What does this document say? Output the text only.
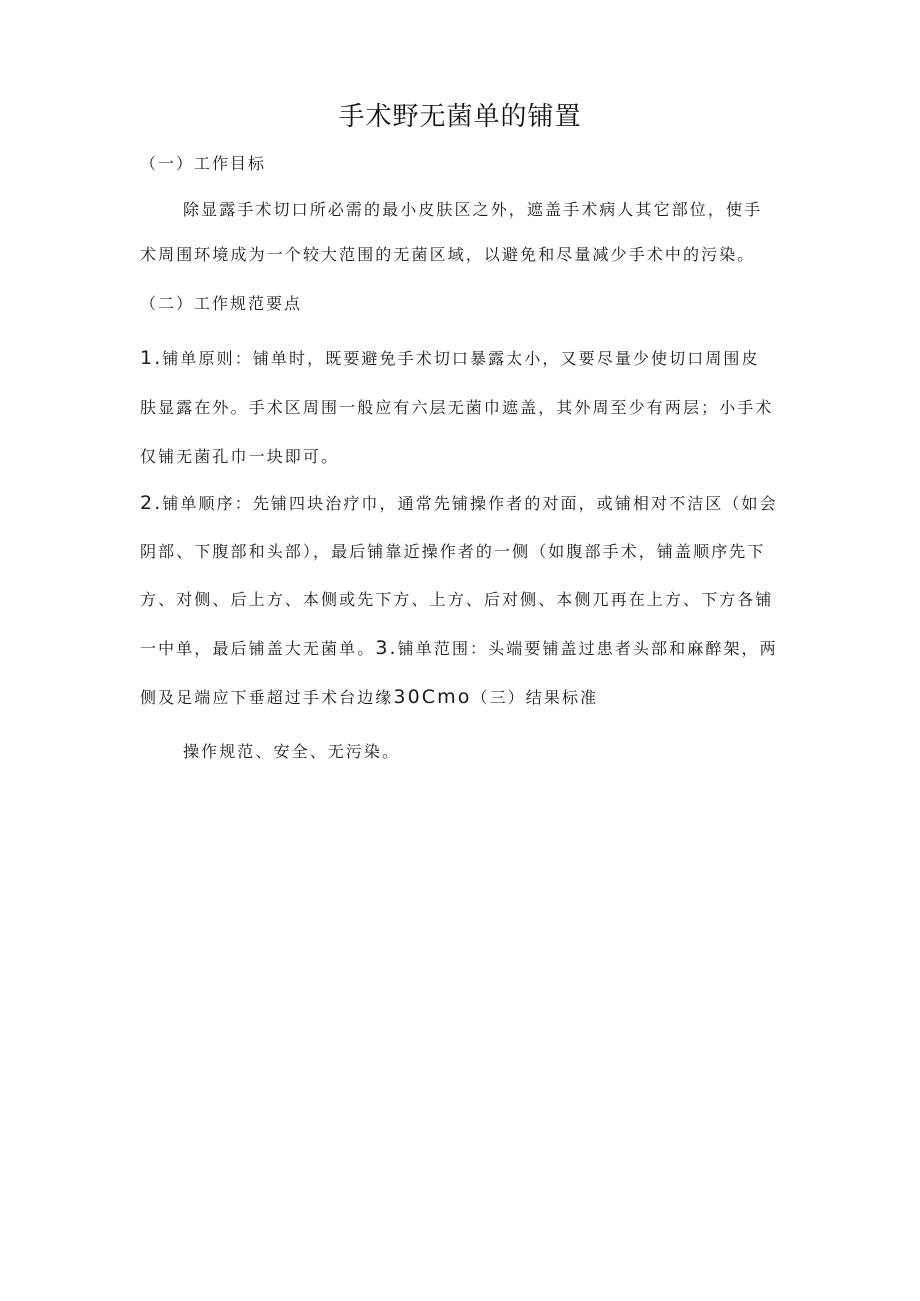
手术野无菌单的铺置
（一）工作目标
除显露手术切口所必需的最小皮肤区之外，遮盖手术病人其它部位，使手
术周围环境成为一个较大范围的无菌区域，以避免和尽量减少手术中的污染。
（二）工作规范要点
1.铺单原则：铺单时，既要避免手术切口暴露太小，又要尽量少使切口周围皮
肤显露在外。手术区周围一般应有六层无菌巾遮盖，其外周至少有两层；小手术
仅铺无菌孔巾一块即可。
2.铺单顺序：先铺四块治疗巾，通常先铺操作者的对面，或铺相对不洁区（如会
阴部、下腹部和头部），最后铺靠近操作者的一侧（如腹部手术，铺盖顺序先下
方、对侧、后上方、本侧或先下方、上方、后对侧、本侧兀再在上方、下方各铺
一中单，最后铺盖大无菌单。3.铺单范围：头端要铺盖过患者头部和麻醉架，两
侧及足端应下垂超过手术台边缘30Cmo（三）结果标准
操作规范、安全、无污染。
